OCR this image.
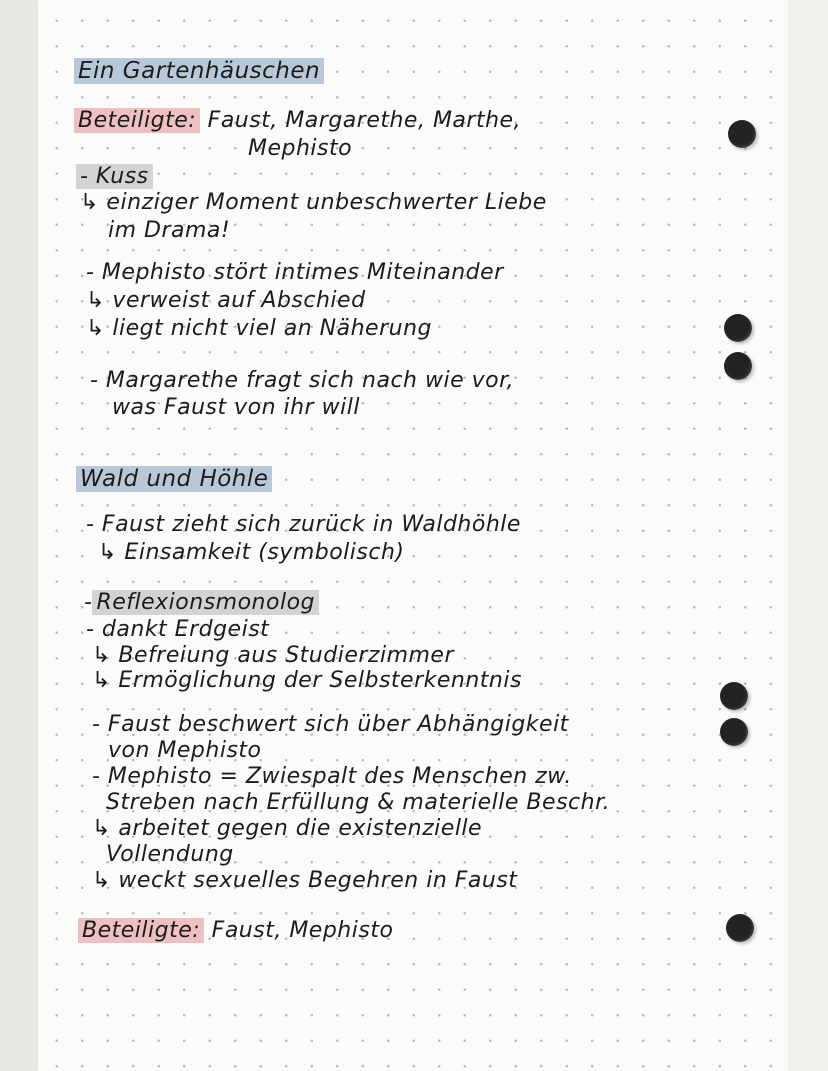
Ein Gartenhäuschen
Beteiligte: Faust, Margarethe, Marthe,
Mephisto
- Kuss
↳ einziger Moment unbeschwerter Liebe
im Drama!
- Mephisto stört intimes Miteinander
↳ verweist auf Abschied
↳ liegt nicht viel an Näherung
- Margarethe fragt sich nach wie vor,
was Faust von ihr will
Wald und Höhle
- Faust zieht sich zurück in Waldhöhle
↳ Einsamkeit (symbolisch)
- Reflexionsmonolog
- dankt Erdgeist
↳ Befreiung aus Studierzimmer
↳ Ermöglichung der Selbsterkenntnis
- Faust beschwert sich über Abhängigkeit
von Mephisto
- Mephisto = Zwiespalt des Menschen zw.
Streben nach Erfüllung & materielle Beschr.
↳ arbeitet gegen die existenzielle
Vollendung
↳ weckt sexuelles Begehren in Faust
Beteiligte: Faust, Mephisto
